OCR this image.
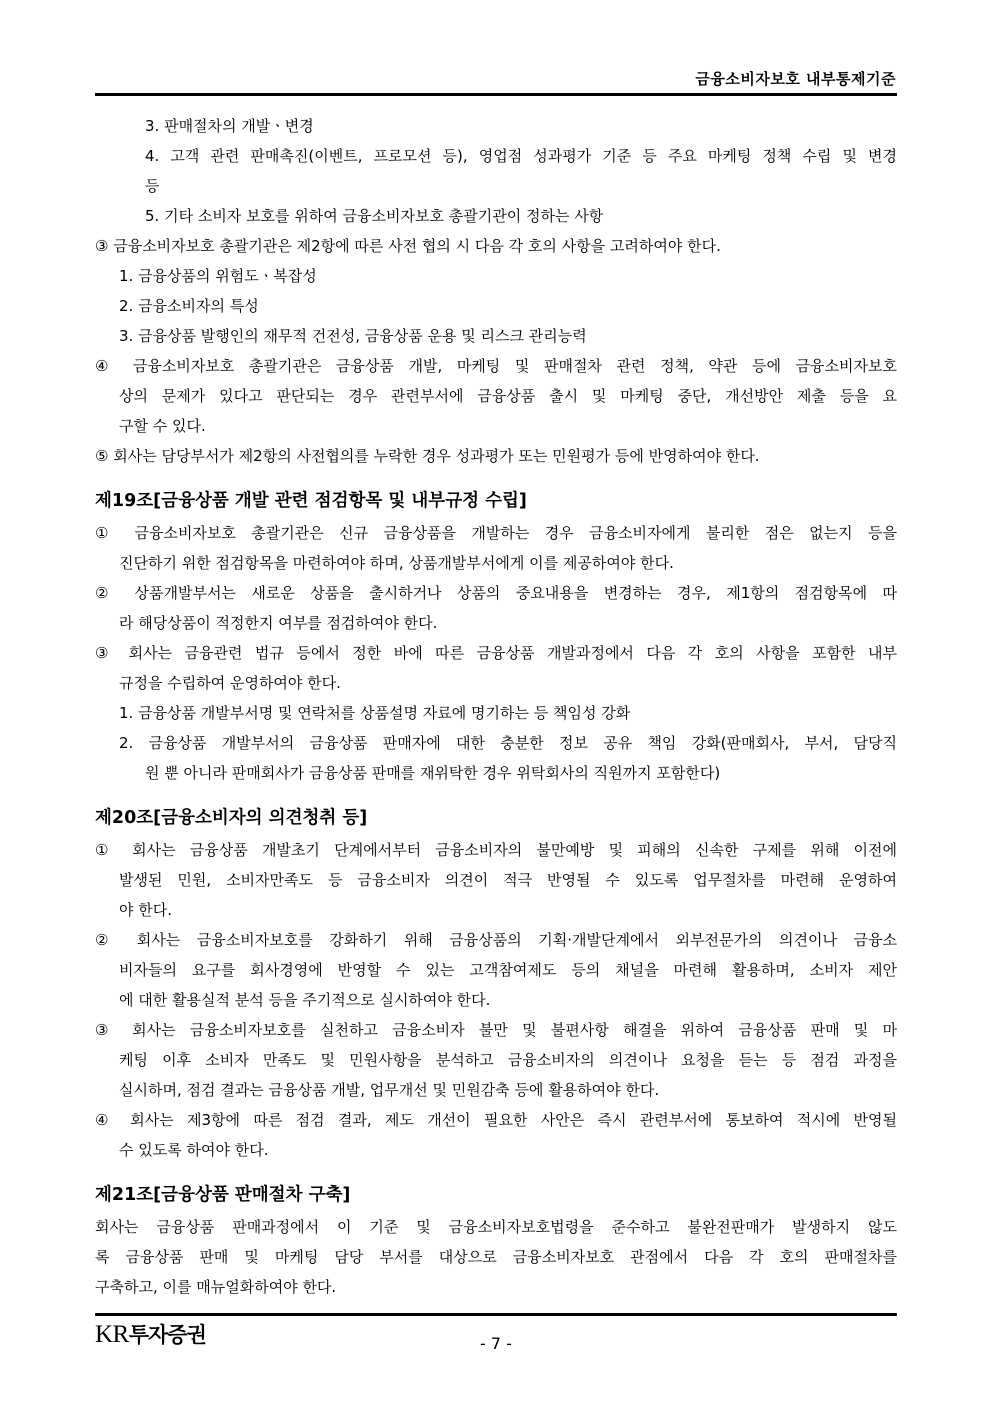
금융소비자보호 내부통제기준
3. 판매절차의 개발ㆍ변경
4. 고객 관련 판매촉진(이벤트, 프로모션 등), 영업점 성과평가 기준 등 주요 마케팅 정책 수립 및 변경
등
5. 기타 소비자 보호를 위하여 금융소비자보호 총괄기관이 정하는 사항
③ 금융소비자보호 총괄기관은 제2항에 따른 사전 협의 시 다음 각 호의 사항을 고려하여야 한다.
1. 금융상품의 위험도ㆍ복잡성
2. 금융소비자의 특성
3. 금융상품 발행인의 재무적 건전성, 금융상품 운용 및 리스크 관리능력
④ 금융소비자보호 총괄기관은 금융상품 개발, 마케팅 및 판매절차 관련 정책, 약관 등에 금융소비자보호
상의 문제가 있다고 판단되는 경우 관련부서에 금융상품 출시 및 마케팅 중단, 개선방안 제출 등을 요
구할 수 있다.
⑤ 회사는 담당부서가 제2항의 사전협의를 누락한 경우 성과평가 또는 민원평가 등에 반영하여야 한다.
제19조[금융상품 개발 관련 점검항목 및 내부규정 수립]
① 금융소비자보호 총괄기관은 신규 금융상품을 개발하는 경우 금융소비자에게 불리한 점은 없는지 등을
진단하기 위한 점검항목을 마련하여야 하며, 상품개발부서에게 이를 제공하여야 한다.
② 상품개발부서는 새로운 상품을 출시하거나 상품의 중요내용을 변경하는 경우, 제1항의 점검항목에 따
라 해당상품이 적정한지 여부를 점검하여야 한다.
③ 회사는 금융관련 법규 등에서 정한 바에 따른 금융상품 개발과정에서 다음 각 호의 사항을 포함한 내부
규정을 수립하여 운영하여야 한다.
1. 금융상품 개발부서명 및 연락처를 상품설명 자료에 명기하는 등 책임성 강화
2. 금융상품 개발부서의 금융상품 판매자에 대한 충분한 정보 공유 책임 강화(판매회사, 부서, 담당직
원 뿐 아니라 판매회사가 금융상품 판매를 재위탁한 경우 위탁회사의 직원까지 포함한다)
제20조[금융소비자의 의견청취 등]
① 회사는 금융상품 개발초기 단계에서부터 금융소비자의 불만예방 및 피해의 신속한 구제를 위해 이전에
발생된 민원, 소비자만족도 등 금융소비자 의견이 적극 반영될 수 있도록 업무절차를 마련해 운영하여
야 한다.
② 회사는 금융소비자보호를 강화하기 위해 금융상품의 기획·개발단계에서 외부전문가의 의견이나 금융소
비자들의 요구를 회사경영에 반영할 수 있는 고객참여제도 등의 채널을 마련해 활용하며, 소비자 제안
에 대한 활용실적 분석 등을 주기적으로 실시하여야 한다.
③ 회사는 금융소비자보호를 실천하고 금융소비자 불만 및 불편사항 해결을 위하여 금융상품 판매 및 마
케팅 이후 소비자 만족도 및 민원사항을 분석하고 금융소비자의 의견이나 요청을 듣는 등 점검 과정을
실시하며, 점검 결과는 금융상품 개발, 업무개선 및 민원감축 등에 활용하여야 한다.
④ 회사는 제3항에 따른 점검 결과, 제도 개선이 필요한 사안은 즉시 관련부서에 통보하여 적시에 반영될
수 있도록 하여야 한다.
제21조[금융상품 판매절차 구축]
회사는 금융상품 판매과정에서 이 기준 및 금융소비자보호법령을 준수하고 불완전판매가 발생하지 않도
록 금융상품 판매 및 마케팅 담당 부서를 대상으로 금융소비자보호 관점에서 다음 각 호의 판매절차를
구축하고, 이를 매뉴얼화하여야 한다.
KR투자증권	- 7 -
